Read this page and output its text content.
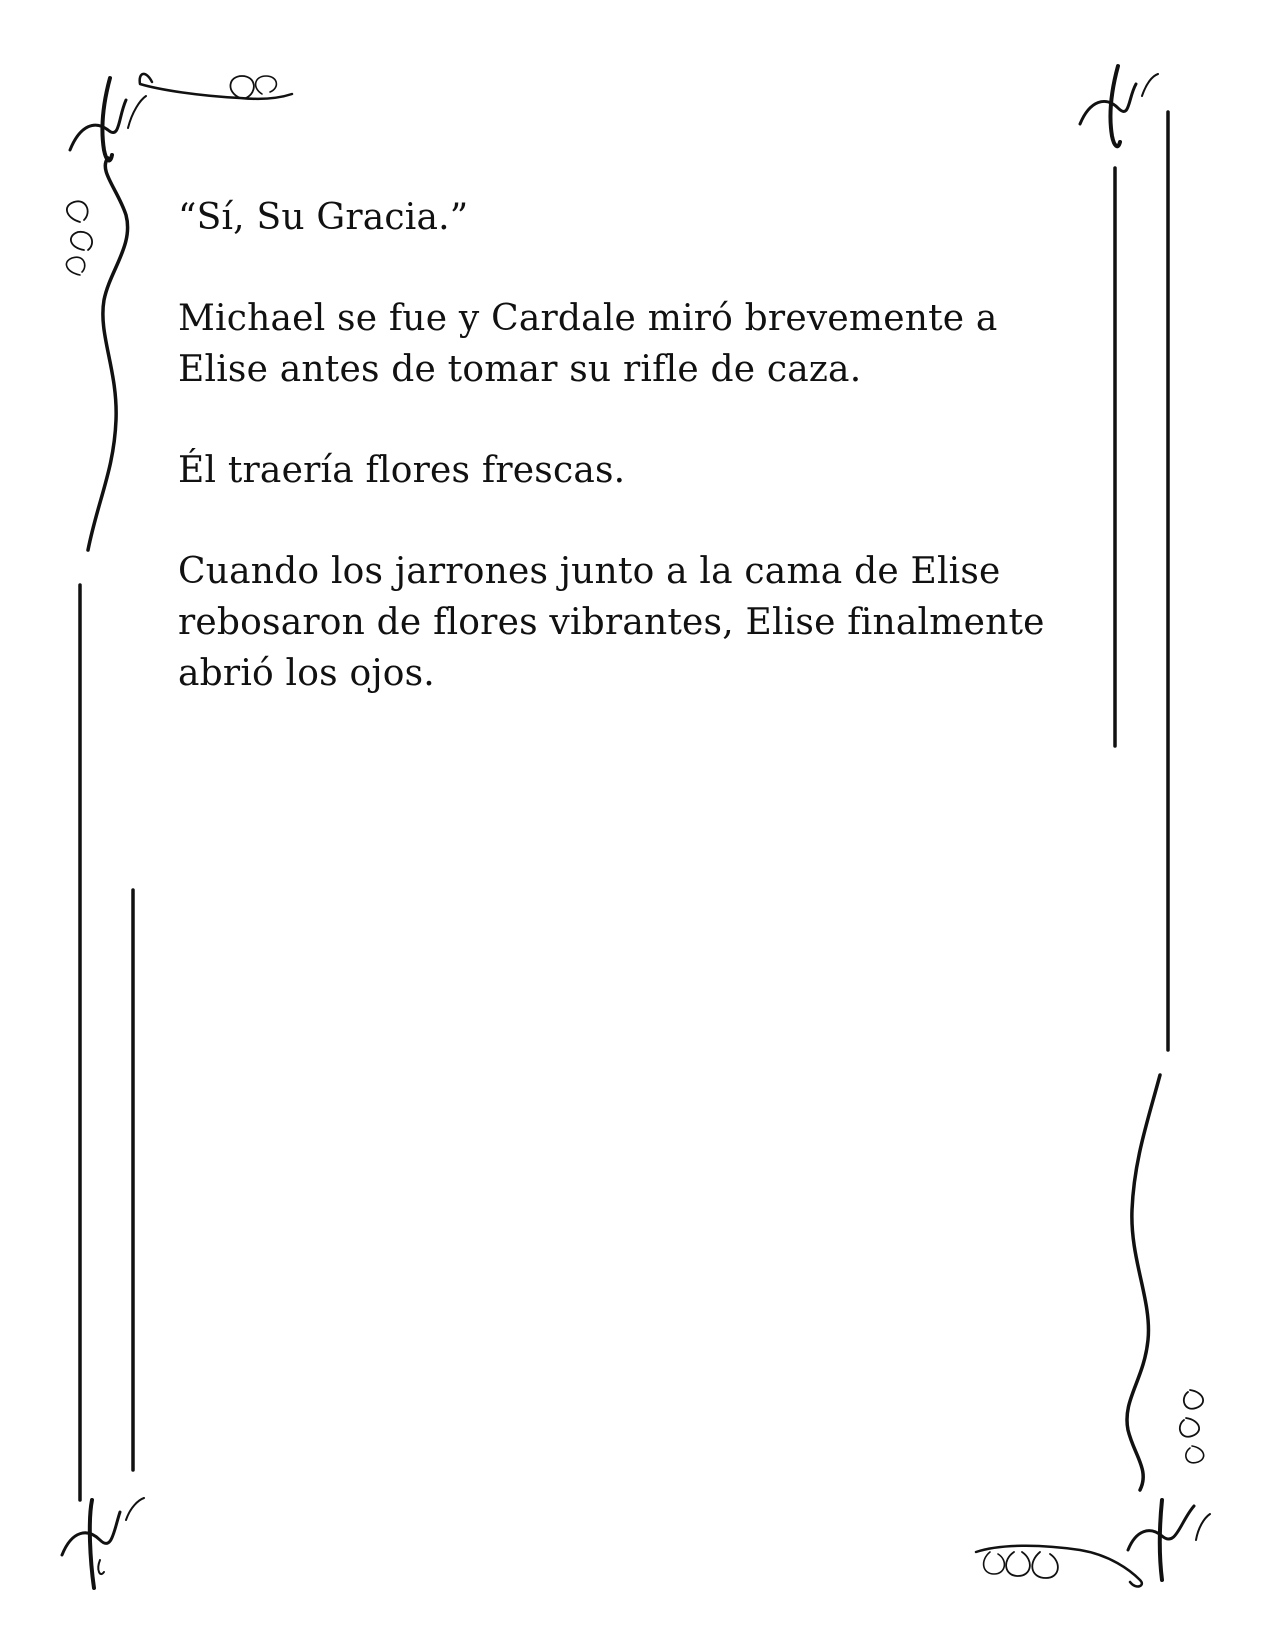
“Sí, Su Gracia.”

Michael se fue y Cardale miró brevemente a Elise antes de tomar su rifle de caza.

Él traería flores frescas.

Cuando los jarrones junto a la cama de Elise rebosaron de flores vibrantes, Elise finalmente abrió los ojos.
